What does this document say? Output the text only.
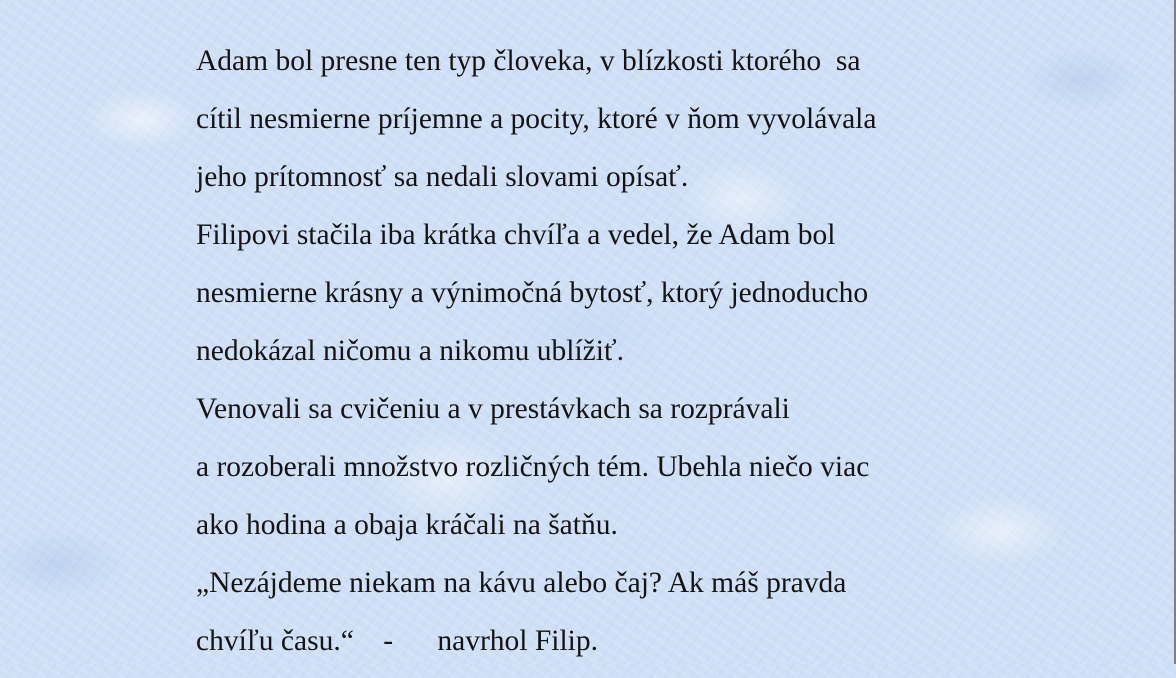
Adam bol presne ten typ človeka, v blízkosti ktorého  sa
cítil nesmierne príjemne a pocity, ktoré v ňom vyvolávala
jeho prítomnosť sa nedali slovami opísať.
Filipovi stačila iba krátka chvíľa a vedel, že Adam bol
nesmierne krásny a výnimočná bytosť, ktorý jednoducho
nedokázal ničomu a nikomu ublížiť.
Venovali sa cvičeniu a v prestávkach sa rozprávali
a rozoberali množstvo rozličných tém. Ubehla niečo viac
ako hodina a obaja kráčali na šatňu.
„Nezájdeme niekam na kávu alebo čaj? Ak máš pravda
chvíľu času.“    -      navrhol Filip.
